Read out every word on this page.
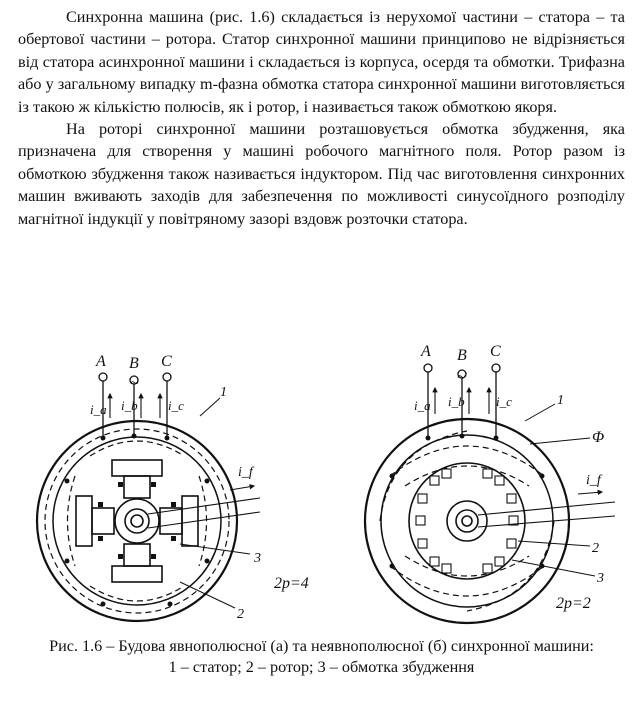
Синхронна машина (рис. 1.6) складається із нерухомої частини – статора – та обертової частини – ротора. Статор синхронної машини принципово не відрізняється від статора асинхронної машини і складається із корпуса, осердя та обмотки. Трифазна або у загальному випадку m-фазна обмотка статора синхронної машини виготовляється із такою ж кількістю полюсів, як і ротор, і називається також обмоткою якоря.

На роторі синхронної машини розташовується обмотка збудження, яка призначена для створення у машині робочого магнітного поля. Ротор разом із обмоткою збудження також називається індуктором. Під час виготовлення синхронних машин вживають заходів для забезпечення по можливості синусоїдного розподілу магнітної індукції у повітряному зазорі вздовж розточки статора.

A B C
~
i_a i_b i_c
1
i_f
3
2
2p=4
A B C
~
i_a i_b i_c	1
Φ
i_f
2
3
2p=2
Рис. 1.6 – Будова явнополюсної (а) та неявнополюсної (б) синхронної машини:
1 – статор; 2 – ротор; 3 – обмотка збудження
